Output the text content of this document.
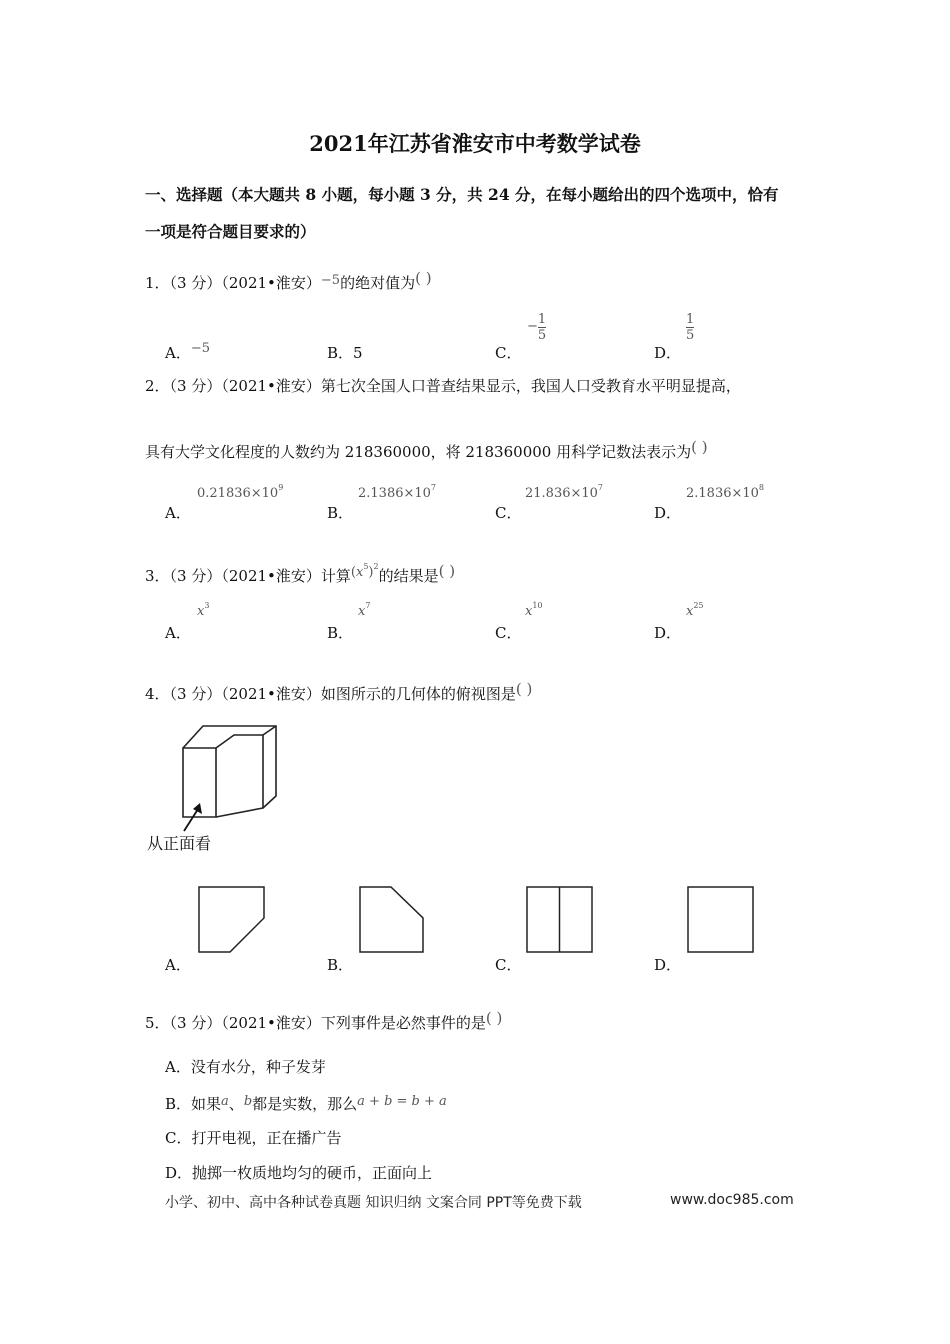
2021年江苏省淮安市中考数学试卷
一、选择题（本大题共 8 小题，每小题 3 分，共 24 分，在每小题给出的四个选项中，恰有
一项是符合题目要求的）
1．（3 分）（2021•淮安）−5的绝对值为( )
A．−5	B．5	C．
$^- \frac{1}{5}$
D．
$\frac{1}{5}$
2．（3 分）（2021•淮安）第七次全国人口普查结果显示，我国人口受教育水平明显提高，
具有大学文化程度的人数约为 218360000，将 218360000 用科学记数法表示为( )
A．
$0.21836\times 10^9$
B．
$2.1386\times 10^7$
C．
$21.836\times 10^7$
D．
$2.1836\times 10^8$
3．（3 分）（2021•淮安）计算$(x^5)^2$的结果是( )
A．
$x^3$
B．
$x^7$
C．
$x^{10}$
D．
$x^{25}$
4．（3 分）（2021•淮安）如图所示的几何体的俯视图是( )
从正面看
A．	B．	C．	D．
5．（3 分）（2021•淮安）下列事件是必然事件的是( )
A．没有水分，种子发芽
B．如果a、b都是实数，那么a + b = b + a
C．打开电视，正在播广告
D．抛掷一枚质地均匀的硬币，正面向上
小学、初中、高中各种试卷真题 知识归纳 文案合同 PPT等免费下载	www.doc985.com
